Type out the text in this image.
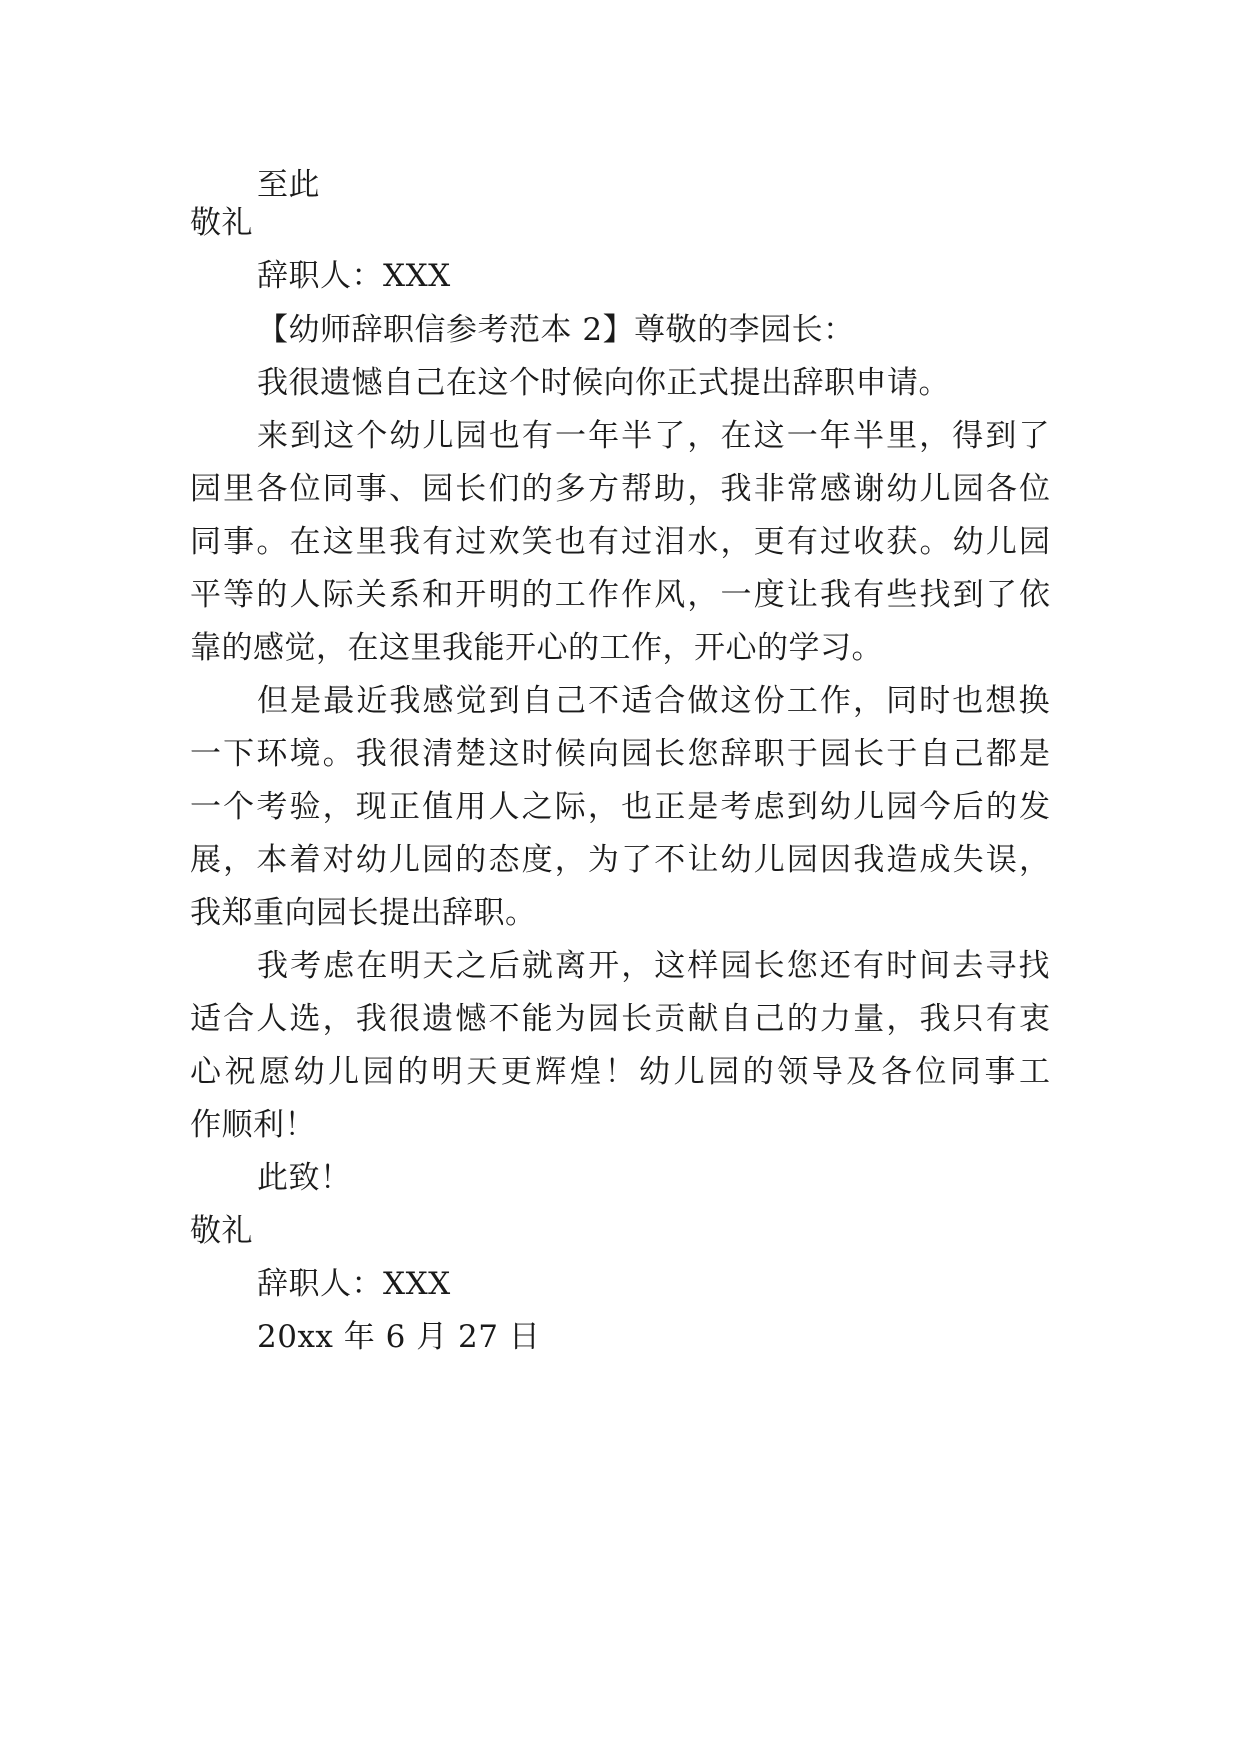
至此

敬礼

辞职人：XXX

【幼师辞职信参考范本 2】尊敬的李园长：

我很遗憾自己在这个时候向你正式提出辞职申请。

来到这个幼儿园也有一年半了，在这一年半里，得到了

园里各位同事、园长们的多方帮助，我非常感谢幼儿园各位

同事。在这里我有过欢笑也有过泪水，更有过收获。幼儿园

平等的人际关系和开明的工作作风，一度让我有些找到了依

靠的感觉，在这里我能开心的工作，开心的学习。

但是最近我感觉到自己不适合做这份工作，同时也想换

一下环境。我很清楚这时候向园长您辞职于园长于自己都是

一个考验，现正值用人之际，也正是考虑到幼儿园今后的发

展，本着对幼儿园的态度，为了不让幼儿园因我造成失误，

我郑重向园长提出辞职。

我考虑在明天之后就离开，这样园长您还有时间去寻找

适合人选，我很遗憾不能为园长贡献自己的力量，我只有衷

心祝愿幼儿园的明天更辉煌！幼儿园的领导及各位同事工

作顺利！

此致！

敬礼

辞职人：XXX

20xx 年 6 月 27 日
